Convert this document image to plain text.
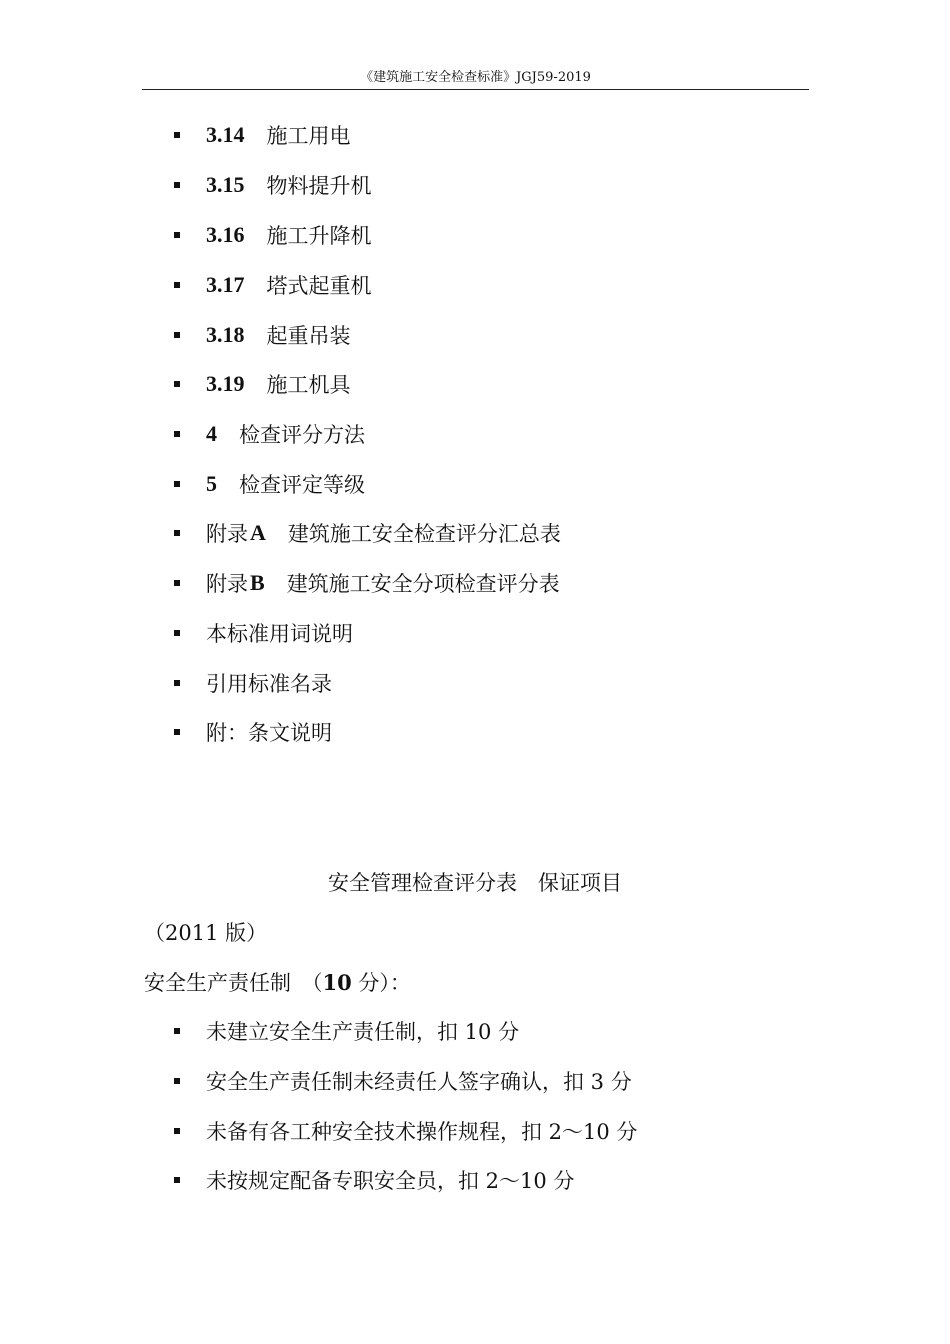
《建筑施工安全检查标准》JGJ59-2019
3.14 施工用电
3.15 物料提升机
3.16 施工升降机
3.17 塔式起重机
3.18 起重吊装
3.19 施工机具
4 检查评分方法
5 检查评定等级
附录 A 建筑施工安全检查评分汇总表
附录 B 建筑施工安全分项检查评分表
本标准用词说明
引用标准名录
附：条文说明
安全管理检查评分表　保证项目
（2011 版）
安全生产责任制　（10 分）：
未建立安全生产责任制，扣 10 分
安全生产责任制未经责任人签字确认，扣 3 分
未备有各工种安全技术操作规程，扣 2～10 分
未按规定配备专职安全员，扣 2～10 分
